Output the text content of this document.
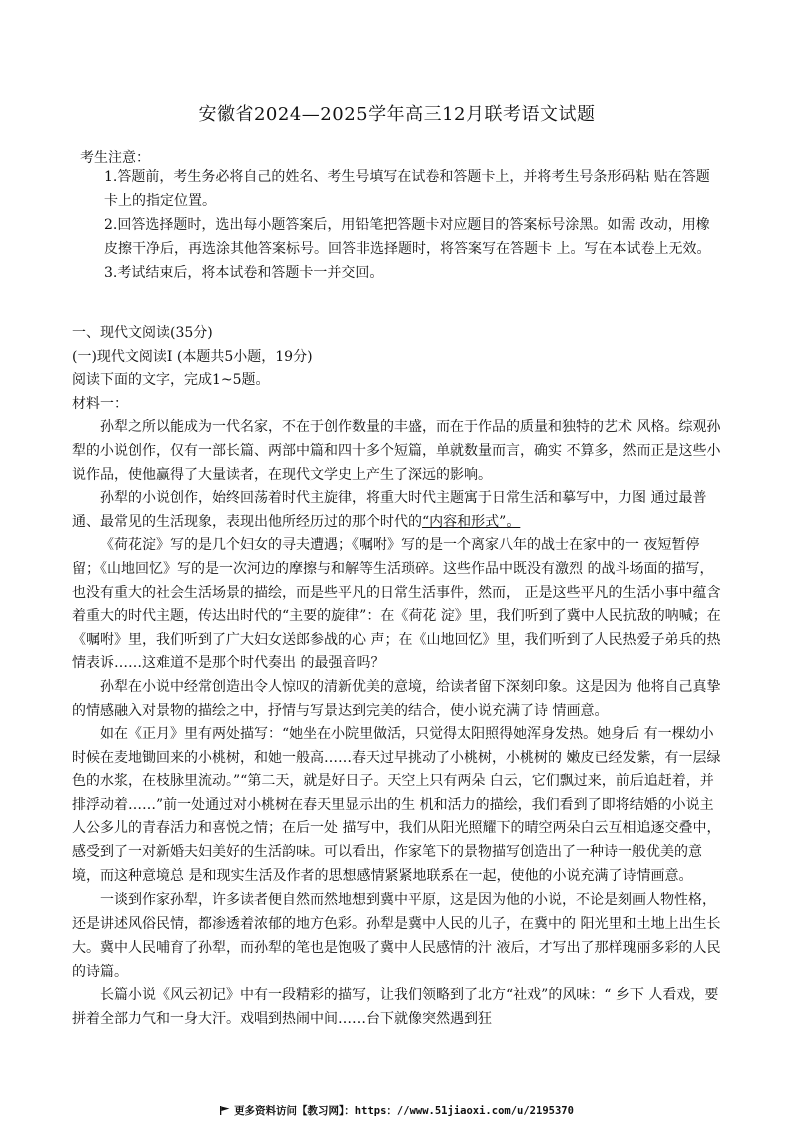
安徽省2024—2025学年高三12月联考语文试题
考生注意：

1.答题前，考生务必将自己的姓名、考生号填写在试卷和答题卡上，并将考生号条形码粘 贴在答题卡上的指定位置。

2.回答选择题时，选出每小题答案后，用铅笔把答题卡对应题目的答案标号涂黑。如需 改动，用橡皮擦干净后，再选涂其他答案标号。回答非选择题时，将答案写在答题卡 上。写在本试卷上无效。

3.考试结束后，将本试卷和答题卡一并交回。

一、现代文阅读(35分)

(一)现代文阅读Ⅰ (本题共5小题，19分)

阅读下面的文字，完成1~5题。

材料一：

孙犁之所以能成为一代名家，不在于创作数量的丰盛，而在于作品的质量和独特的艺术 风格。综观孙犁的小说创作，仅有一部长篇、两部中篇和四十多个短篇，单就数量而言，确实 不算多，然而正是这些小说作品，使他赢得了大量读者，在现代文学史上产生了深远的影响。

孙犁的小说创作，始终回荡着时代主旋律，将重大时代主题寓于日常生活和摹写中，力图 通过最普通、最常见的生活现象，表现出他所经历过的那个时代的“内容和形式”。

《荷花淀》写的是几个妇女的寻夫遭遇；《嘱咐》写的是一个离家八年的战士在家中的一 夜短暂停留；《山地回忆》写的是一次河边的摩擦与和解等生活琐碎。这些作品中既没有激烈 的战斗场面的描写，也没有重大的社会生活场景的描绘，而是些平凡的日常生活事件，然而， 正是这些平凡的生活小事中蕴含着重大的时代主题，传达出时代的“主要的旋律”：在《荷花 淀》里，我们听到了冀中人民抗敌的呐喊；在《嘱咐》里，我们听到了广大妇女送郎参战的心 声；在《山地回忆》里，我们听到了人民热爱子弟兵的热情表诉……这难道不是那个时代奏出 的最强音吗？

孙犁在小说中经常创造出令人惊叹的清新优美的意境，给读者留下深刻印象。这是因为 他将自己真挚的情感融入对景物的描绘之中，抒情与写景达到完美的结合，使小说充满了诗 情画意。

如在《正月》里有两处描写：“她坐在小院里做活，只觉得太阳照得她浑身发热。她身后 有一棵幼小时候在麦地锄回来的小桃树，和她一般高……春天过早挑动了小桃树，小桃树的 嫩皮已经发紫，有一层绿色的水浆，在枝脉里流动。”“第二天，就是好日子。天空上只有两朵 白云，它们飘过来，前后追赶着，并排浮动着……”前一处通过对小桃树在春天里显示出的生 机和活力的描绘，我们看到了即将结婚的小说主人公多儿的青春活力和喜悦之情；在后一处 描写中，我们从阳光照耀下的晴空两朵白云互相追逐交叠中，感受到了一对新婚夫妇美好的生活韵味。可以看出，作家笔下的景物描写创造出了一种诗一般优美的意境，而这种意境总 是和现实生活及作者的思想感情紧紧地联系在一起，使他的小说充满了诗情画意。

一谈到作家孙犁，许多读者便自然而然地想到冀中平原，这是因为他的小说，不论是刻画人物性格，还是讲述风俗民情，都渗透着浓郁的地方色彩。孙犁是冀中人民的儿子，在冀中的 阳光里和土地上出生长大。冀中人民哺育了孙犁，而孙犁的笔也是饱吸了冀中人民感情的汁 液后，才写出了那样瑰丽多彩的人民的诗篇。

长篇小说《风云初记》中有一段精彩的描写，让我们领略到了北方“社戏”的风味：“ 乡下 人看戏，要拼着全部力气和一身大汗。戏唱到热闹中间……台下就像突然遇到狂

更多资料访问【教习网】：https：//www.51jiaoxi.com/u/2195370
